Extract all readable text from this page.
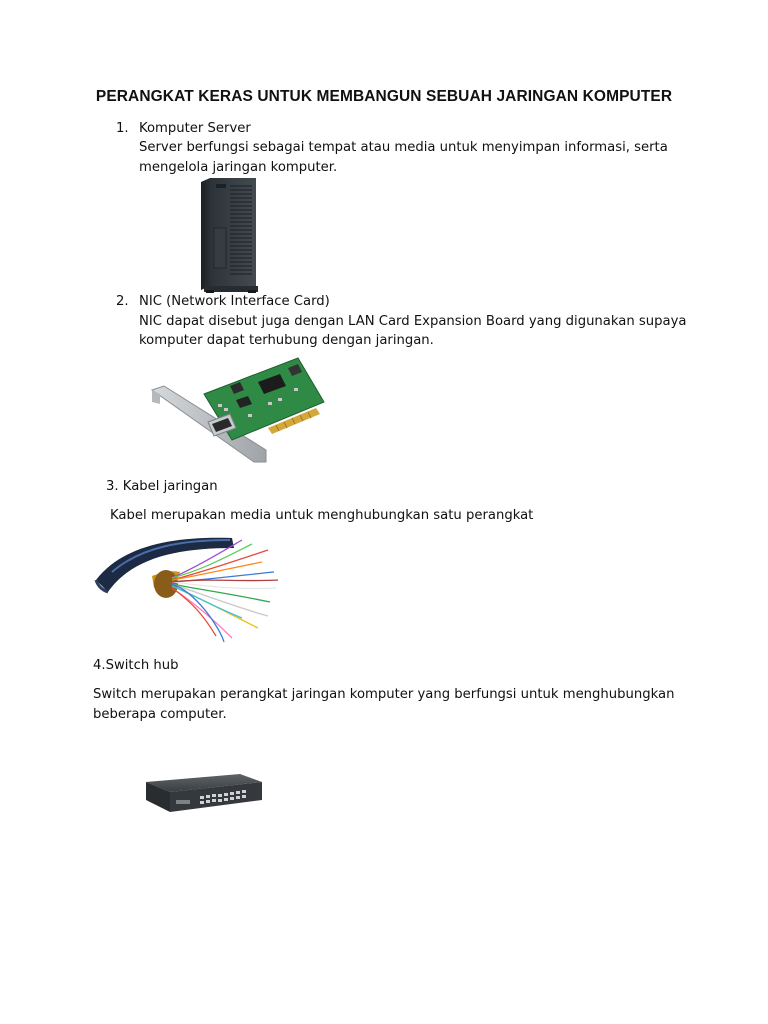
PERANGKAT KERAS UNTUK MEMBANGUN SEBUAH JARINGAN KOMPUTER
1. Komputer Server
Server berfungsi sebagai tempat atau media untuk menyimpan informasi, serta
mengelola jaringan komputer.
2. NIC (Network Interface Card)
NIC dapat disebut juga dengan LAN Card Expansion Board yang digunakan supaya
komputer dapat terhubung dengan jaringan.
3. Kabel jaringan
Kabel merupakan media untuk menghubungkan satu perangkat
4.Switch hub
Switch merupakan perangkat jaringan komputer yang berfungsi untuk menghubungkan
beberapa computer.
